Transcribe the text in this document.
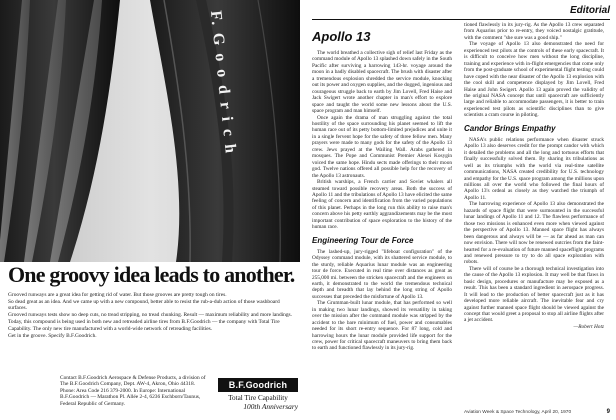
F. G o o d r i c h
One groovy idea leads to another.

Grooved runways are a great idea for getting rid of water. But those grooves are pretty tough on tires.

So dead great as an idea. And we came up with a new compound, better able to resist the rub-a-dub action of those washboard surfaces.

Grooved runways tests show no deep cuts, no tread stripping, no tread chunking. Result — maximum reliability and more landings.

Today, this compound is being used in both new and retreaded airline tires from B.F.Goodrich — the company with Total Tire Capability. The only new tire manufactured with a world-wide network of retreading facilities.

Get in the groove. Specify B.F.Goodrich.

Contact B.F.Goodrich Aerospace & Defense Products, a division of The B.F.Goodrich Company, Dept. AW-4, Akron, Ohio 44318. Phone: Area Code 216 379-2000. In Europe: International B.F.Goodrich — Marathon Pl. Allée 2-4, 6236 Eschborn/Taunus, Federal Republic of Germany.
B.F.Goodrich
Total Tire Capability
100th Anniversary
Editorial
Apollo 13

The world breathed a collective sigh of relief last Friday as the command module of Apollo 13 splashed down safely in the South Pacific after surviving a harrowing 143-hr. voyage around the moon in a badly disabled spacecraft. The brush with disaster after a tremendous explosion shredded the service module, knocking out its power and oxygen supplies, and the dogged, ingenious and courageous struggle back to earth by Jim Lovell, Fred Haise and Jack Swigert wrote another chapter in man's effort to explore space and taught the world some new lessons about the U.S. space program and man himself.

Once again the drama of man struggling against the total hostility of the space surrounding his planet seemed to lift the human race out of its petty bottom-limited prejudices and unite it in a single fervent hope for the safety of three fellow men. Many prayers were made to many gods for the safety of the Apollo 13 crew. Jews prayed at the Wailing Wall. Arabs gathered in mosques. The Pope and Communist Premier Alexei Kosygin voiced the same hope. Hindu sects made offerings to their moon god. Twelve nations offered all possible help for the recovery of the Apollo 13 astronauts.

British warships, a French carrier and Soviet whalers all steamed toward possible recovery areas. Both the success of Apollo 11 and the tribulations of Apollo 13 have elicited the same feeling of concern and identification from the varied populations of this planet. Perhaps in the long run this ability to raise man's concern above his petty earthly aggrandizements may be the most important contribution of space exploration to the history of the human race.

Engineering Tour de Force

The lashed-up, jury-rigged "lifeboat configuration" of the Odyssey command module, with its shattered service module, to the sturdy, reliable Aquarius lunar module was an engineering tour de force. Executed in real time over distances as great as 255,000 mi. between the stricken spacecraft and the engineers on earth, it demonstrated to the world the tremendous technical depth and breadth that lay behind the long string of Apollo successes that preceded the misfortune of Apollo 13.

The Grumman-built lunar module, that has performed so well in making two lunar landings, showed its versatility in taking over the mission after the command module was stripped by the accident to the bare minimum of fuel, power and consumables needed for its short re-entry sequence. For 87 long, cold and harrowing hours the lunar module provided life support for the crew, power for critical spacecraft maneuvers to bring them back to earth and functioned flawlessly in its jury-rig.

tioned flawlessly in its jury-rig. As the Apollo 13 crew separated from Aquarius prior to re-entry, they voiced nostalgic gratitude, with the comment "she sure was a good ship."

The voyage of Apollo 13 also demonstrated the need for experienced test pilots at the controls of these early spacecraft. It is difficult to conceive how men without the long discipline, training and experience with in-flight emergencies that come only from the post-graduate school of experimental flight testing could have coped with the near disaster of the Apollo 13 explosion with the cool skill and competence displayed by Jim Lovell, Fred Haise and John Swigert. Apollo 13 again proved the validity of the original NASA concept that until spacecraft are sufficiently large and reliable to accommodate passengers, it is better to train experienced test pilots as scientific disciplines than to give scientists a cram course in piloting.

Candor Brings Empathy

NASA's public relations performance when disaster struck Apollo 13 also deserves credit for the prompt candor with which it detailed the problems and all the long and tortuous efforts that finally successfully solved them. By sharing its tribulations as well as its triumphs with the world via real-time satellite communications, NASA created credibility for U.S. technology and empathy for the U.S. space program among the millions upon millions all over the world who followed the final hours of Apollo 13's ordeal as closely as they watched the triumph of Apollo 11.

The harrowing experience of Apollo 13 also demonstrated the hazards of space flight that were surmounted in the successful lunar landings of Apollo 11 and 12. The flawless performance of those two missions is enhanced even more when viewed against the perspective of Apollo 13. Manned space flight has always been dangerous and always will be — as far ahead as man can now envision. There will now be renewed outcries from the faint-hearted for a re-evaluation of future manned spaceflight programs and renewed pressure to try to do all space exploration with robots.

There will of course be a thorough technical investigation into the cause of the Apollo 13 explosion. It may well be that flaws in basic design, procedures or manufacture may be exposed as a result. This has been a standard ingredient in aerospace progress. It will lead to the production of better spacecraft just as it has developed more reliable aircraft. The inevitable fear and cry against further manned space flight should be viewed against the concept that would greet a proposal to stop all airline flights after a jet accident.

—Robert Hotz
Aviation Week & Space Technology, April 20, 1970	9
